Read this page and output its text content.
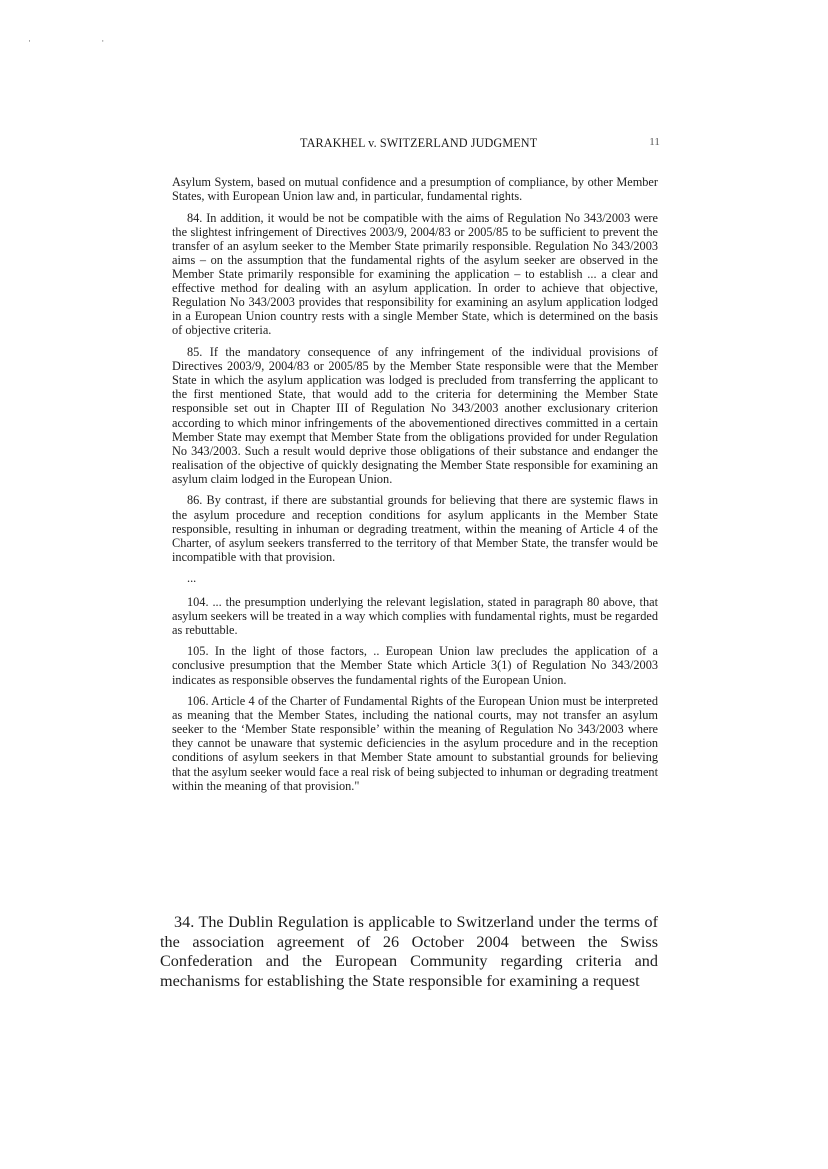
· ·
TARAKHEL v. SWITZERLAND JUDGMENT	11

Asylum System, based on mutual confidence and a presumption of compliance, by other Member States, with European Union law and, in particular, fundamental rights.

84. In addition, it would be not be compatible with the aims of Regulation No 343/2003 were the slightest infringement of Directives 2003/9, 2004/83 or 2005/85 to be sufficient to prevent the transfer of an asylum seeker to the Member State primarily responsible. Regulation No 343/2003 aims – on the assumption that the fundamental rights of the asylum seeker are observed in the Member State primarily responsible for examining the application – to establish ... a clear and effective method for dealing with an asylum application. In order to achieve that objective, Regulation No 343/2003 provides that responsibility for examining an asylum application lodged in a European Union country rests with a single Member State, which is determined on the basis of objective criteria.

85. If the mandatory consequence of any infringement of the individual provisions of Directives 2003/9, 2004/83 or 2005/85 by the Member State responsible were that the Member State in which the asylum application was lodged is precluded from transferring the applicant to the first mentioned State, that would add to the criteria for determining the Member State responsible set out in Chapter III of Regulation No 343/2003 another exclusionary criterion according to which minor infringements of the abovementioned directives committed in a certain Member State may exempt that Member State from the obligations provided for under Regulation No 343/2003. Such a result would deprive those obligations of their substance and endanger the realisation of the objective of quickly designating the Member State responsible for examining an asylum claim lodged in the European Union.

86. By contrast, if there are substantial grounds for believing that there are systemic flaws in the asylum procedure and reception conditions for asylum applicants in the Member State responsible, resulting in inhuman or degrading treatment, within the meaning of Article 4 of the Charter, of asylum seekers transferred to the territory of that Member State, the transfer would be incompatible with that provision.

...

104. ... the presumption underlying the relevant legislation, stated in paragraph 80 above, that asylum seekers will be treated in a way which complies with fundamental rights, must be regarded as rebuttable.

105. In the light of those factors, .. European Union law precludes the application of a conclusive presumption that the Member State which Article 3(1) of Regulation No 343/2003 indicates as responsible observes the fundamental rights of the European Union.

106. Article 4 of the Charter of Fundamental Rights of the European Union must be interpreted as meaning that the Member States, including the national courts, may not transfer an asylum seeker to the ‘Member State responsible’ within the meaning of Regulation No 343/2003 where they cannot be unaware that systemic deficiencies in the asylum procedure and in the reception conditions of asylum seekers in that Member State amount to substantial grounds for believing that the asylum seeker would face a real risk of being subjected to inhuman or degrading treatment within the meaning of that provision."

34. The Dublin Regulation is applicable to Switzerland under the terms of the association agreement of 26 October 2004 between the Swiss Confederation and the European Community regarding criteria and mechanisms for establishing the State responsible for examining a request
